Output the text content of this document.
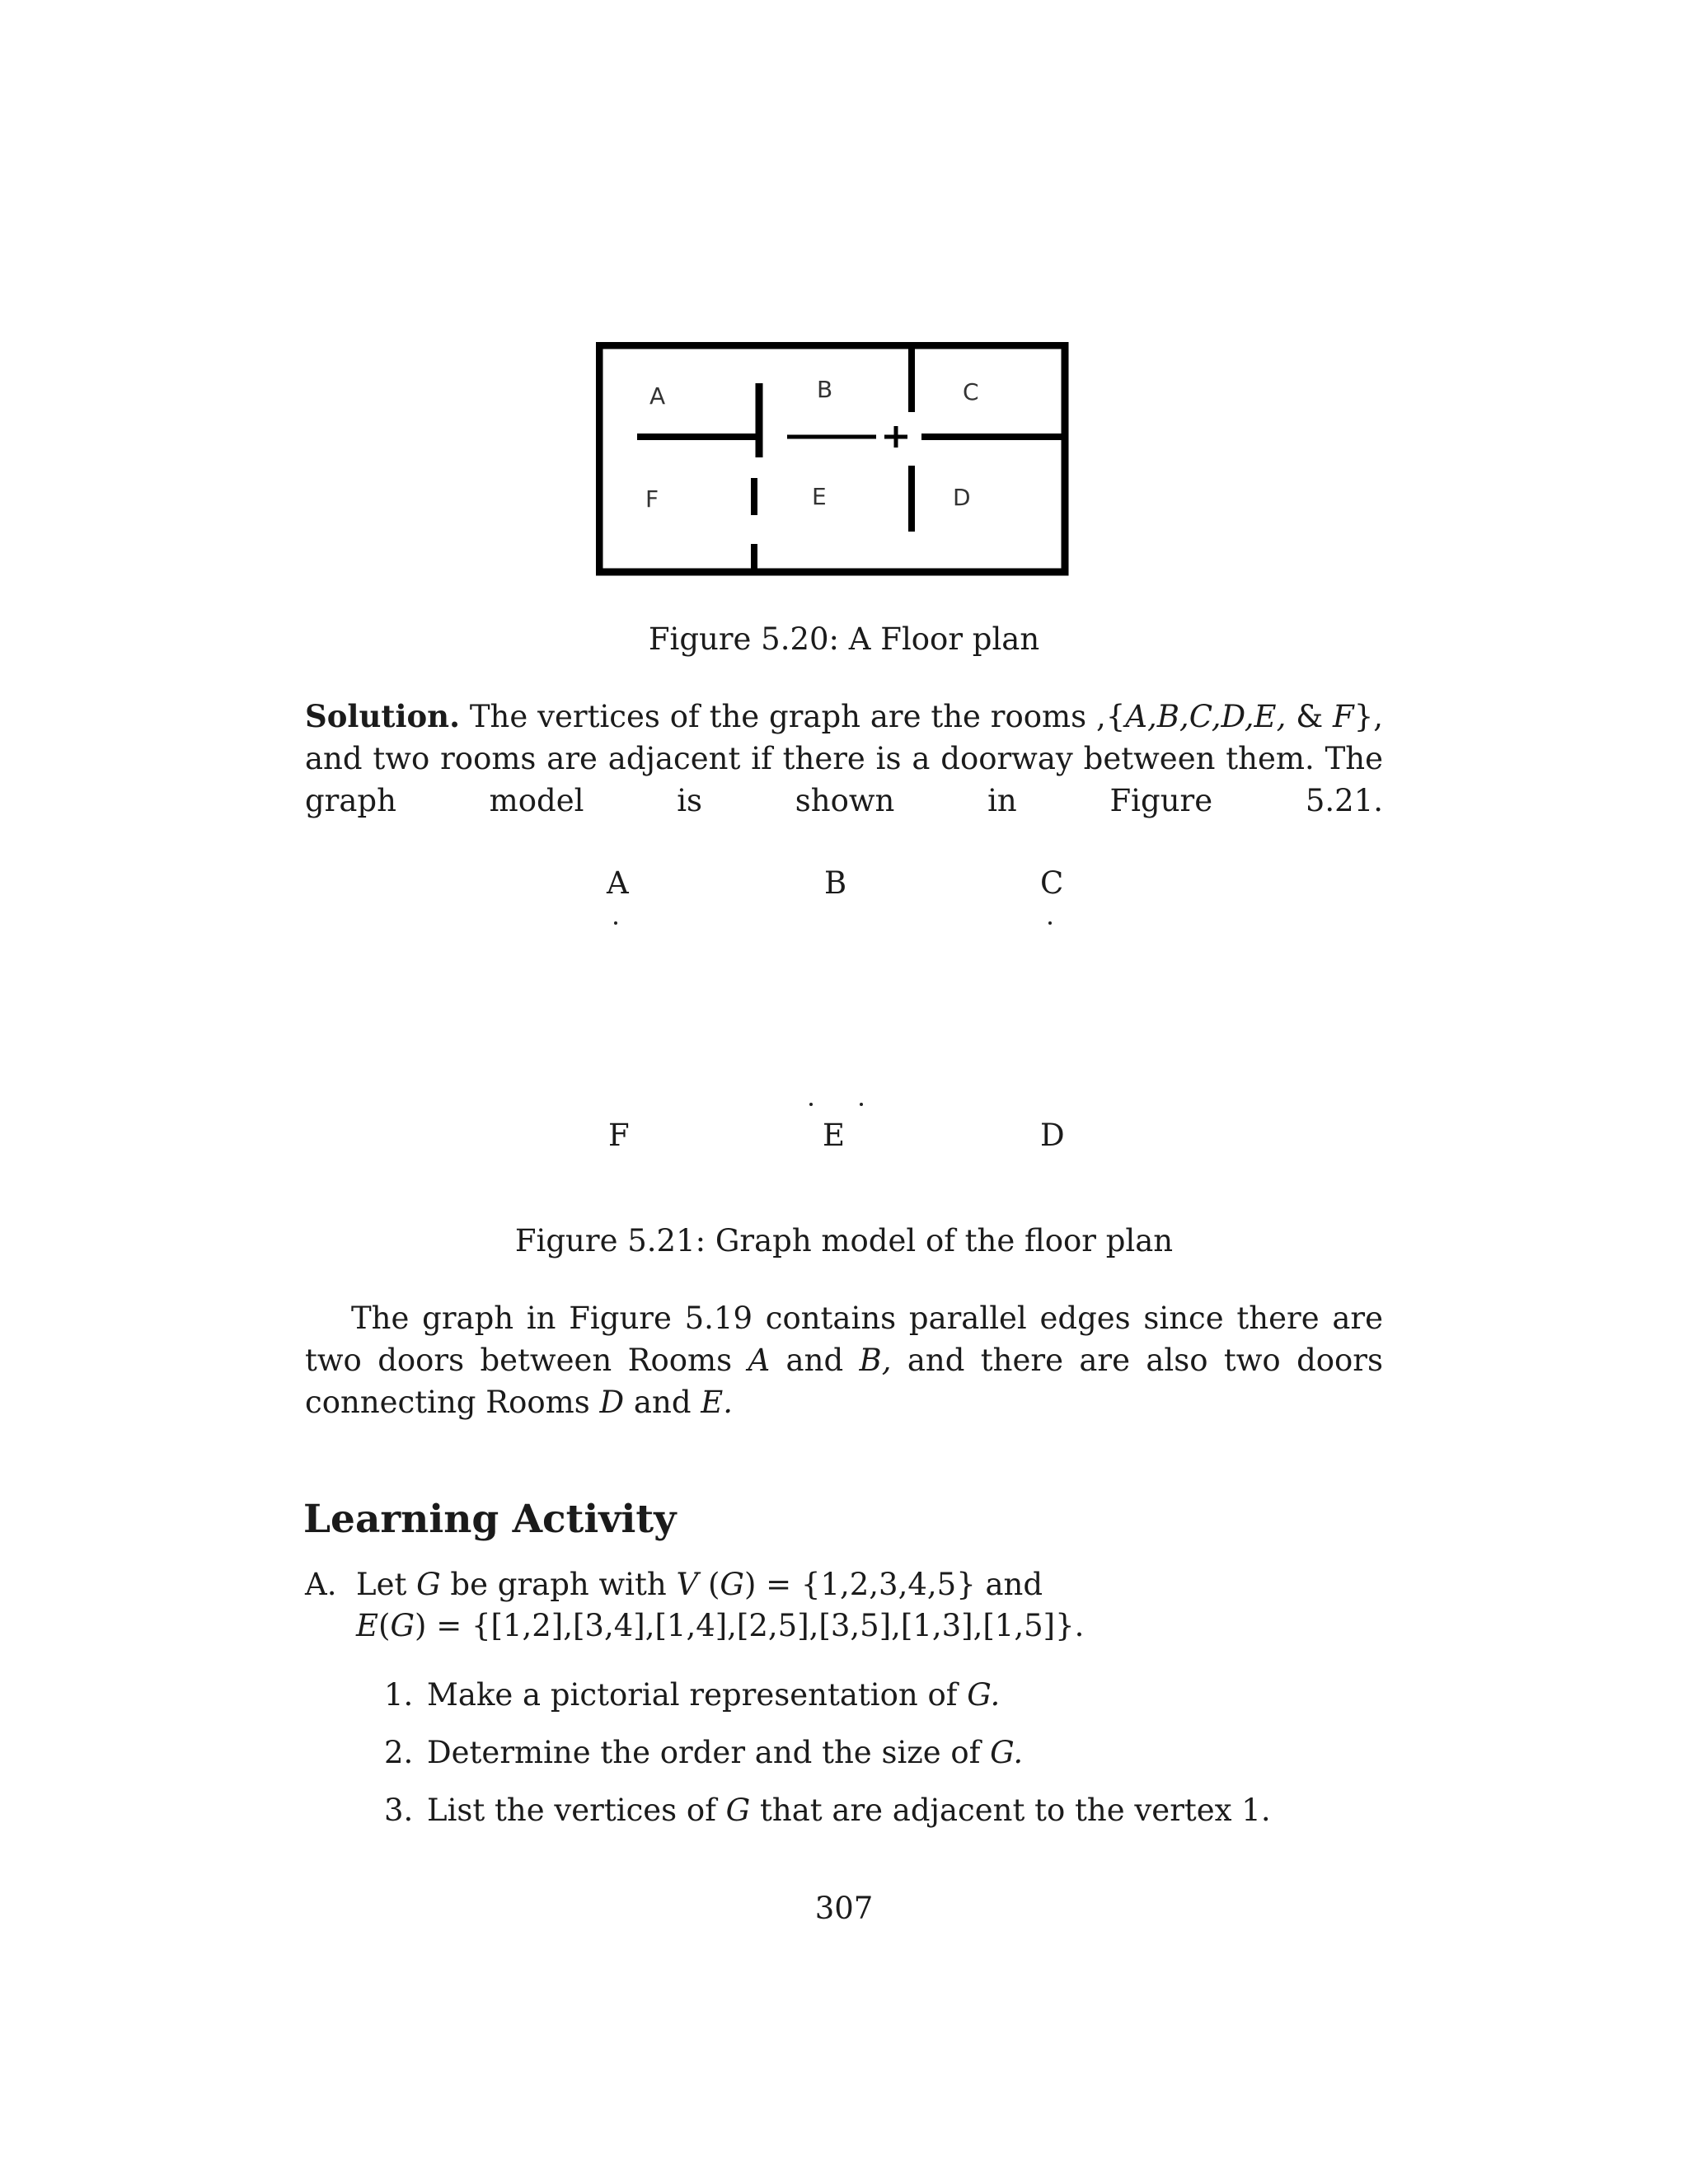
A	B	C
F	E	D
Figure 5.20: A Floor plan

Solution. The vertices of the graph are the rooms ,{A,B,C,D,E, & F}, and two rooms are adjacent if there is a doorway between them. The graph model is shown in Figure 5.21.

A	B	C
F	E	D
Figure 5.21: Graph model of the floor plan

The graph in Figure 5.19 contains parallel edges since there are two doors between Rooms A and B, and there are also two doors connecting Rooms D and E.

Learning Activity
A. Let G be graph with V (G) = {1,2,3,4,5} and
E(G) = {[1,2],[3,4],[1,4],[2,5],[3,5],[1,3],[1,5]}.
1. Make a pictorial representation of G.
2. Determine the order and the size of G.
3. List the vertices of G that are adjacent to the vertex 1.
307
